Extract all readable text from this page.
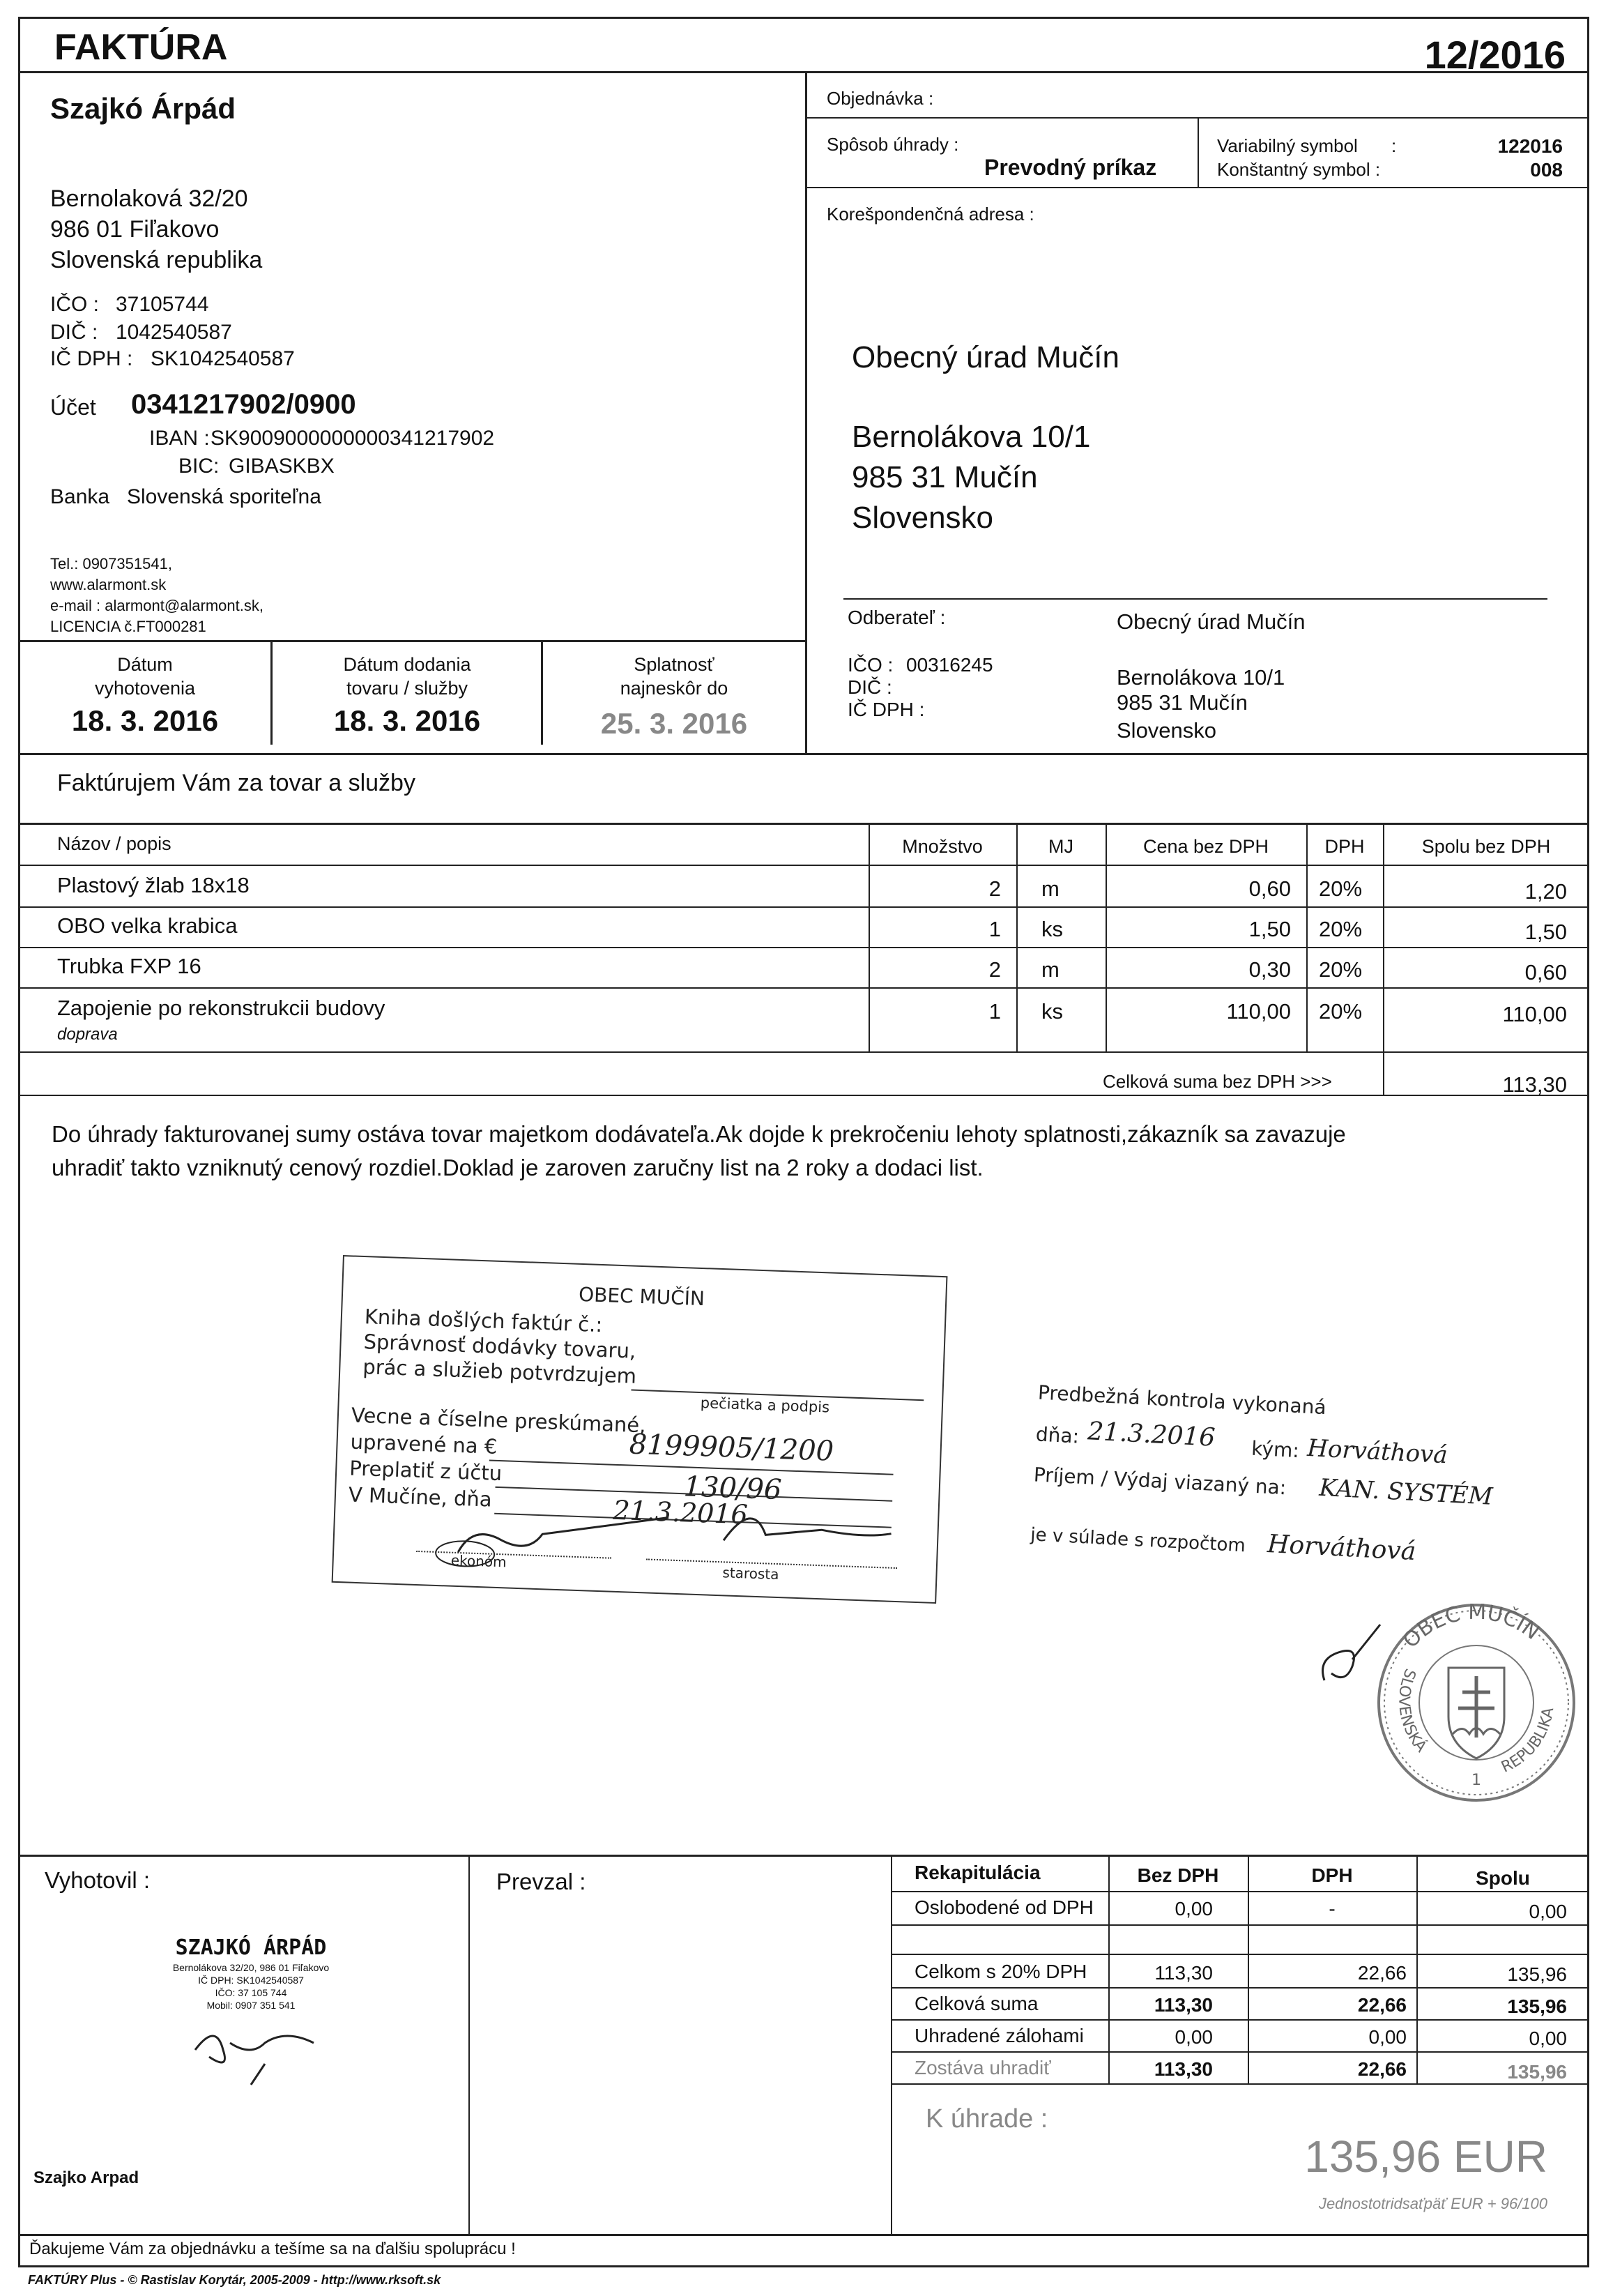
FAKTÚRA	12/2016
Szajkó Árpád
Bernolaková 32/20
986 01 Fiľakovo
Slovenská republika
IČO : 37105744
DIČ : 1042540587
IČ DPH : SK1042540587
Účet 0341217902/0900
IBAN : SK9009000000000341217902
BIC: GIBASKBX
Banka Slovenská sporiteľna
Tel.: 0907351541,
www.alarmont.sk
e-mail : alarmont@alarmont.sk,
LICENCIA č.FT000281
Dátum
vyhotovenia
18. 3. 2016
Dátum dodania
tovaru / služby
18. 3. 2016
Splatnosť
najneskôr do
25. 3. 2016
Objednávka :
Spôsob úhrady :
Prevodný príkaz
Variabilný symbol :	122016
Konštantný symbol :	008
Korešpondenčná adresa :
Obecný úrad Mučín
Bernolákova 10/1
985 31 Mučín
Slovensko
Odberateľ :	Obecný úrad Mučín
IČO : 00316245
DIČ :
IČ DPH :
Bernolákova 10/1
985 31 Mučín
Slovensko
Faktúrujem Vám za tovar a služby
Názov / popis	Množstvo	MJ	Cena bez DPH	DPH	Spolu bez DPH
Plastový žlab 18x18	2 m	0,60 20%	1,20
OBO velka krabica	1 ks	1,50 20%	1,50
Trubka FXP 16	2 m	0,30 20%	0,60
Zapojenie po rekonstrukcii budovy
doprava
1 ks	110,00 20%	110,00
Celková suma bez DPH >>>	113,30
Do úhrady fakturovanej sumy ostáva tovar majetkom dodávateľa.Ak dojde k prekročeniu lehoty splatnosti,zákazník sa zavazuje
uhradiť takto vzniknutý cenový rozdiel.Doklad je zaroven zaručny list na 2 roky a dodaci list.
OBEC MUČÍN
Kniha došlých faktúr č.:
Správnosť dodávky tovaru,
prác a služieb potvrdzujem
pečiatka a podpis
Vecne a číselne preskúmané,
upravené na €
Preplatiť z účtu
V Mučíne, dňa
ekonóm
starosta
8199905/1200
130/96
21.3.2016
Predbežná kontrola vykonaná
dňa: 21.3.2016 kým: Horváthová
Príjem / Výdaj viazaný na: KAN. SYSTÉM
je v súlade s rozpočtom Horváthová
OBEC MUČÍN
SLOVENSKÁ
REPUBLIKA
1
Vyhotovil :	Prevzal :
SZAJKÓ ÁRPÁD
Bernolákova 32/20, 986 01 Fiľakovo
IČ DPH: SK1042540587
IČO: 37 105 744
Mobil: 0907 351 541
Szajko Arpad
Rekapitulácia	Bez DPH	DPH	Spolu
Oslobodené od DPH	0,00	-	0,00
Celkom s 20% DPH	113,30	22,66	135,96
Celková suma	113,30	22,66	135,96
Uhradené zálohami	0,00	0,00	0,00
Zostáva uhradiť	113,30	22,66	135,96
K úhrade :
135,96 EUR
Jednostotridsaťpäť EUR + 96/100
Ďakujeme Vám za objednávku a tešíme sa na ďalšiu spoluprácu !
FAKTÚRY Plus - © Rastislav Korytár, 2005-2009 - http://www.rksoft.sk
